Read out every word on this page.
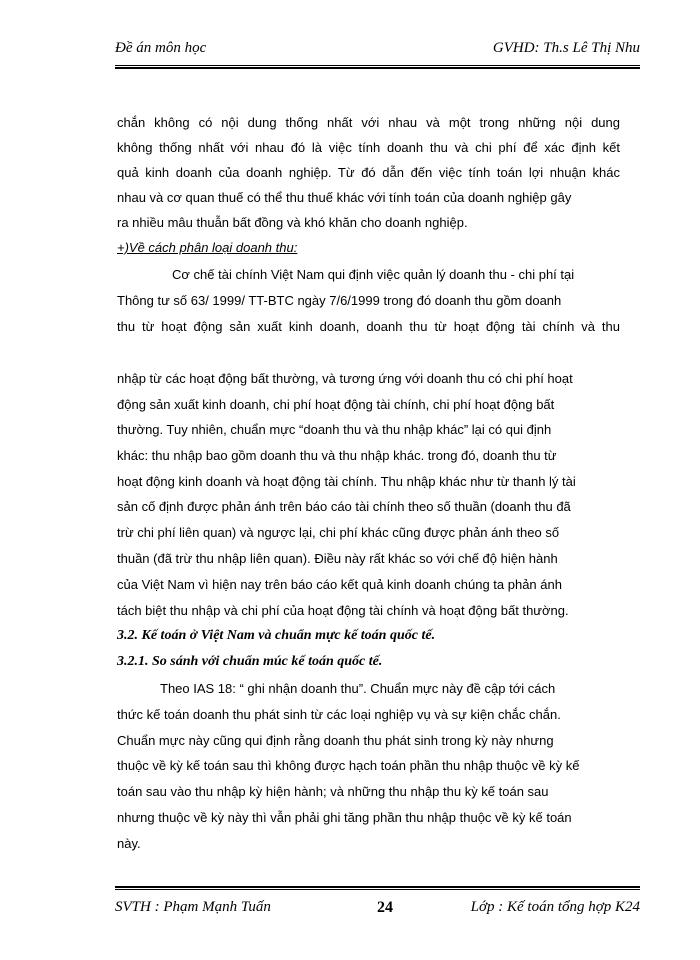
Đề án môn học	GVHD: Th.s Lê Thị Nhu
chắn không có nội dung thống nhất với nhau và một trong những nội dung
không thống nhất với nhau đó là việc tính doanh thu và chi phí để xác định kết
quả kinh doanh của doanh nghiệp. Từ đó dẫn đến việc tính toán lợi nhuận khác
nhau và cơ quan thuế có thể thu thuế khác với tính toán của doanh nghiệp gây
ra nhiều mâu thuẫn bất đồng và khó khăn cho doanh nghiệp.
+)Về cách phân loại doanh thu:
Cơ chế tài chính Việt Nam qui định việc quản lý doanh thu - chi phí tại
Thông tư số 63/ 1999/ TT-BTC ngày 7/6/1999 trong đó doanh thu gồm doanh
thu từ hoạt động sản xuất kinh doanh, doanh thu từ hoạt động tài chính và thu
nhập từ các hoạt động bất thường, và tương ứng với doanh thu có chi phí hoạt
động sản xuất kinh doanh, chi phí hoạt động tài chính, chi phí hoạt động bất
thường. Tuy nhiên, chuẩn mực “doanh thu và thu nhập khác” lại có qui định
khác: thu nhập bao gồm doanh thu và thu nhập khác. trong đó, doanh thu từ
hoạt động kinh doanh và hoạt động tài chính. Thu nhập khác như từ thanh lý tài
sản cố định được phản ánh trên báo cáo tài chính theo số thuần (doanh thu đã
trừ chi phí liên quan) và ngược lại, chi phí khác cũng được phản ánh theo số
thuần (đã trừ thu nhập liên quan). Điều này rất khác so với chế độ hiện hành
của Việt Nam vì hiện nay trên báo cáo kết quả kinh doanh chúng ta phản ánh
tách biệt thu nhập và chi phí của hoạt động tài chính và hoạt động bất thường.
3.2. Kế toán ở Việt Nam và chuẩn mực kế toán quốc tế.
3.2.1. So sánh với chuẩn múc kế toán quốc tế.
Theo IAS 18: “ ghi nhận doanh thu”. Chuẩn mực này đề cập tới cách
thức kế toán doanh thu phát sinh từ các loại nghiệp vụ và sự kiện chắc chắn.
Chuẩn mực này cũng qui định rằng doanh thu phát sinh trong kỳ này nhưng
thuộc về kỳ kế toán sau thì không được hạch toán phần thu nhập thuộc về kỳ kế
toán sau vào thu nhập kỳ hiện hành; và những thu nhập thu kỳ kế toán sau
nhưng thuộc về kỳ này thì vẫn phải ghi tăng phần thu nhập thuộc về kỳ kế toán
này.
SVTH : Phạm Mạnh Tuấn	24	Lớp : Kế toán tổng hợp K24
